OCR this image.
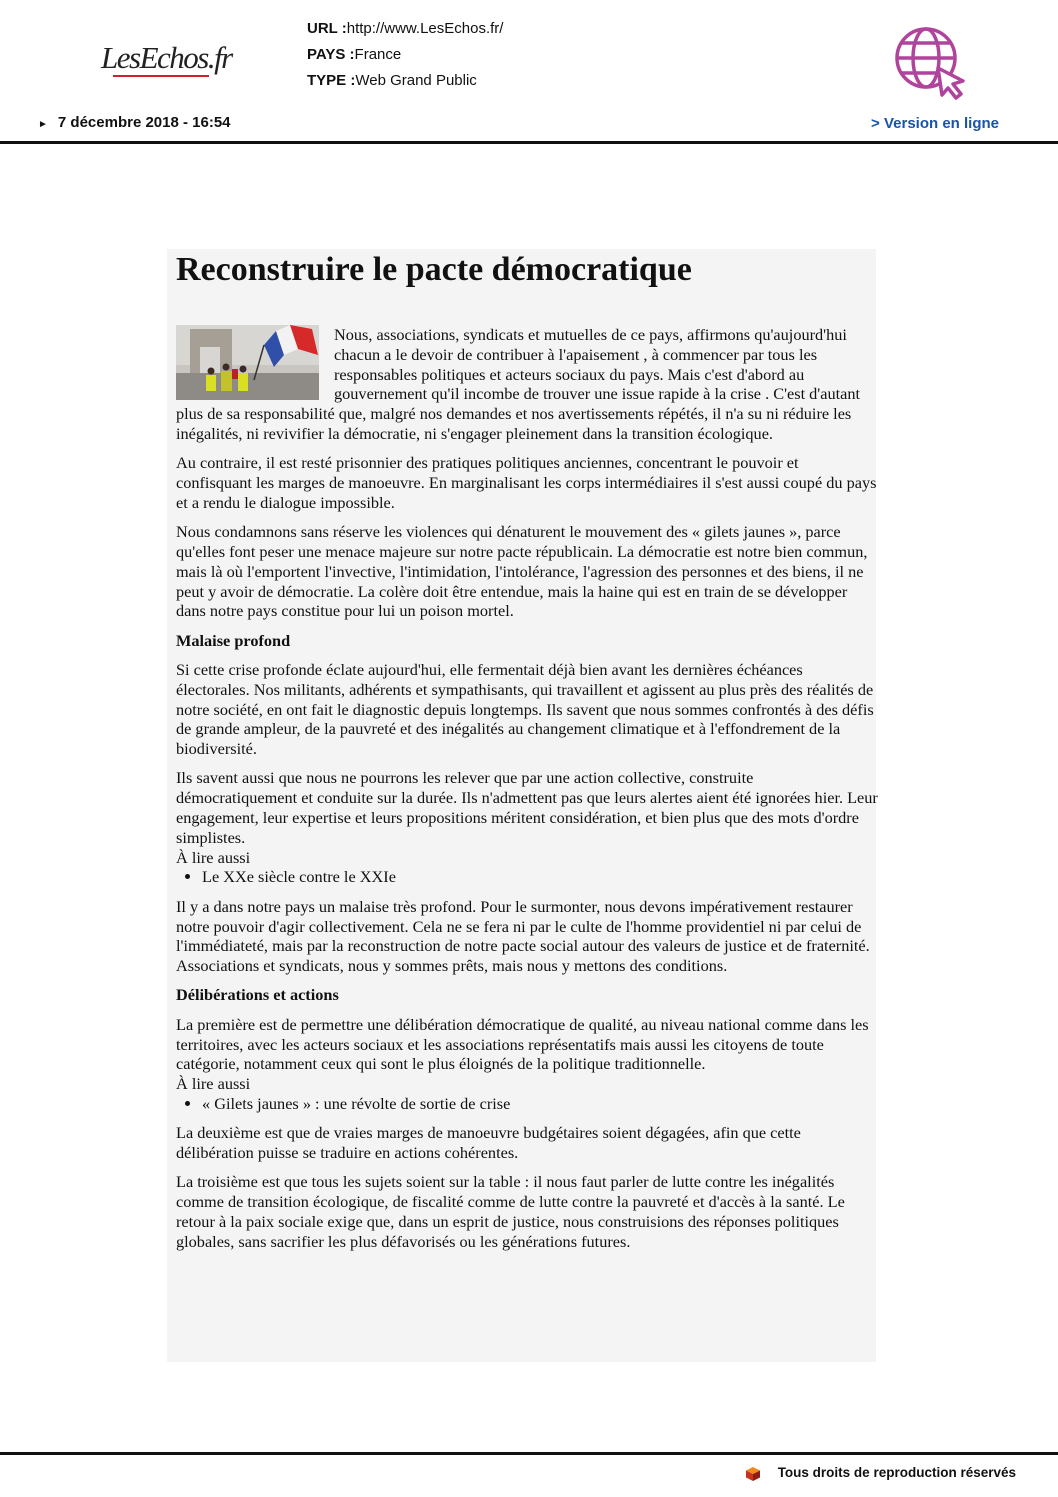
LesEchos.fr
URL :http://www.LesEchos.fr/
PAYS :France
TYPE :Web Grand Public
► 7 décembre 2018 - 16:54	> Version en ligne
Reconstruire le pacte démocratique

Nous, associations, syndicats et mutuelles de ce pays, affirmons qu'aujourd'hui chacun a le devoir de contribuer à l'apaisement , à commencer par tous les responsables politiques et acteurs sociaux du pays. Mais c'est d'abord au gouvernement qu'il incombe de trouver une issue rapide à la crise . C'est d'autant plus de sa responsabilité que, malgré nos demandes et nos avertissements répétés, il n'a su ni réduire les inégalités, ni revivifier la démocratie, ni s'engager pleinement dans la transition écologique.

Au contraire, il est resté prisonnier des pratiques politiques anciennes, concentrant le pouvoir et confisquant les marges de manoeuvre. En marginalisant les corps intermédiaires il s'est aussi coupé du pays et a rendu le dialogue impossible.

Nous condamnons sans réserve les violences qui dénaturent le mouvement des « gilets jaunes », parce qu'elles font peser une menace majeure sur notre pacte républicain. La démocratie est notre bien commun, mais là où l'emportent l'invective, l'intimidation, l'intolérance, l'agression des personnes et des biens, il ne peut y avoir de démocratie. La colère doit être entendue, mais la haine qui est en train de se développer dans notre pays constitue pour lui un poison mortel.

Malaise profond

Si cette crise profonde éclate aujourd'hui, elle fermentait déjà bien avant les dernières échéances électorales. Nos militants, adhérents et sympathisants, qui travaillent et agissent au plus près des réalités de notre société, en ont fait le diagnostic depuis longtemps. Ils savent que nous sommes confrontés à des défis de grande ampleur, de la pauvreté et des inégalités au changement climatique et à l'effondrement de la biodiversité.

Ils savent aussi que nous ne pourrons les relever que par une action collective, construite démocratiquement et conduite sur la durée. Ils n'admettent pas que leurs alertes aient été ignorées hier. Leur engagement, leur expertise et leurs propositions méritent considération, et bien plus que des mots d'ordre simplistes.

À lire aussi
• Le XXe siècle contre le XXIe

Il y a dans notre pays un malaise très profond. Pour le surmonter, nous devons impérativement restaurer notre pouvoir d'agir collectivement. Cela ne se fera ni par le culte de l'homme providentiel ni par celui de l'immédiateté, mais par la reconstruction de notre pacte social autour des valeurs de justice et de fraternité. Associations et syndicats, nous y sommes prêts, mais nous y mettons des conditions.

Délibérations et actions

La première est de permettre une délibération démocratique de qualité, au niveau national comme dans les territoires, avec les acteurs sociaux et les associations représentatifs mais aussi les citoyens de toute catégorie, notamment ceux qui sont le plus éloignés de la politique traditionnelle.

À lire aussi
• « Gilets jaunes » : une révolte de sortie de crise

La deuxième est que de vraies marges de manoeuvre budgétaires soient dégagées, afin que cette délibération puisse se traduire en actions cohérentes.

La troisième est que tous les sujets soient sur la table : il nous faut parler de lutte contre les inégalités comme de transition écologique, de fiscalité comme de lutte contre la pauvreté et d'accès à la santé. Le retour à la paix sociale exige que, dans un esprit de justice, nous construisions des réponses politiques globales, sans sacrifier les plus défavorisés ou les générations futures.

Tous droits de reproduction réservés
